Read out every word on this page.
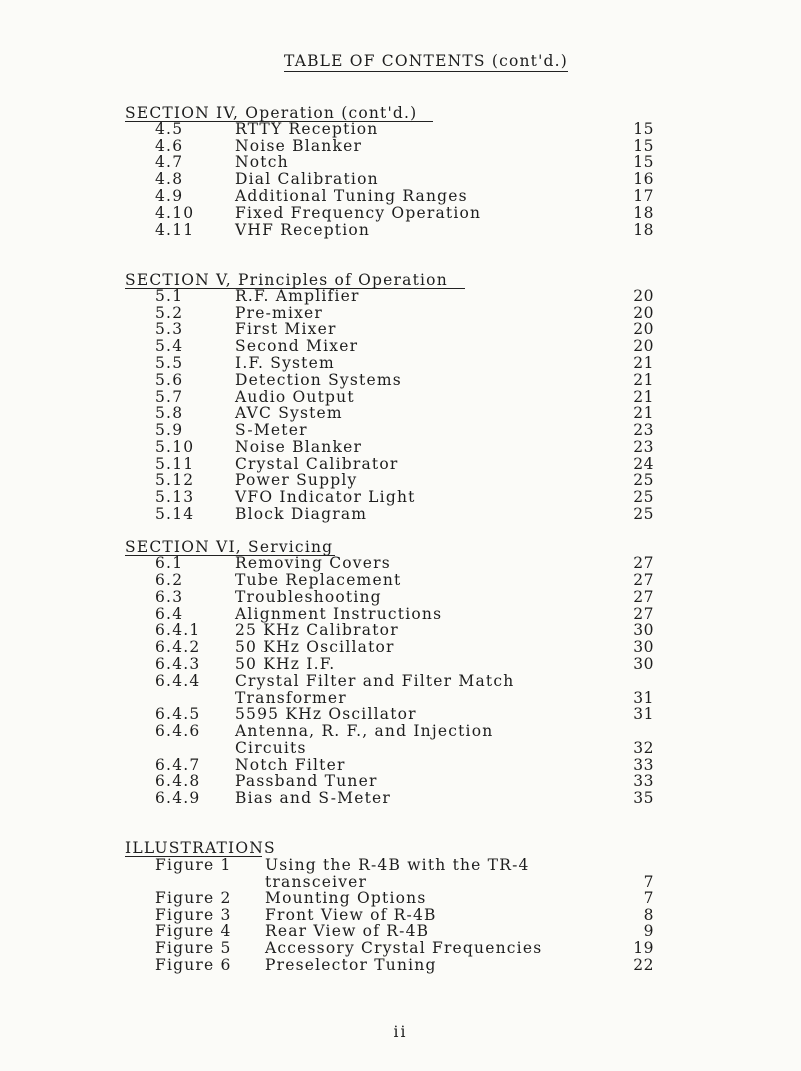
TABLE OF CONTENTS (cont'd.)
SECTION IV, Operation (cont'd.)
4.5	RTTY Reception	15
4.6	Noise Blanker	15
4.7	Notch	15
4.8	Dial Calibration	16
4.9	Additional Tuning Ranges	17
4.10	Fixed Frequency Operation	18
4.11	VHF Reception	18
SECTION V, Principles of Operation
5.1	R.F. Amplifier	20
5.2	Pre-mixer	20
5.3	First Mixer	20
5.4	Second Mixer	20
5.5	I.F. System	21
5.6	Detection Systems	21
5.7	Audio Output	21
5.8	AVC System	21
5.9	S-Meter	23
5.10	Noise Blanker	23
5.11	Crystal Calibrator	24
5.12	Power Supply	25
5.13	VFO Indicator Light	25
5.14	Block Diagram	25
SECTION VI, Servicing
6.1	Removing Covers	27
6.2	Tube Replacement	27
6.3	Troubleshooting	27
6.4	Alignment Instructions	27
6.4.1 25 KHz Calibrator	30
6.4.2 50 KHz Oscillator	30
6.4.3 50 KHz I.F.	30
6.4.4 Crystal Filter and Filter Match
Transformer	31
6.4.5 5595 KHz Oscillator	31
6.4.6 Antenna, R. F., and Injection
Circuits	32
6.4.7 Notch Filter	33
6.4.8 Passband Tuner	33
6.4.9 Bias and S-Meter	35
ILLUSTRATIONS
Figure 1 Using the R-4B with the TR-4
transceiver	7
Figure 2 Mounting Options	7
Figure 3 Front View of R-4B	8
Figure 4 Rear View of R-4B	9
Figure 5 Accessory Crystal Frequencies	19
Figure 6 Preselector Tuning	22
ii
